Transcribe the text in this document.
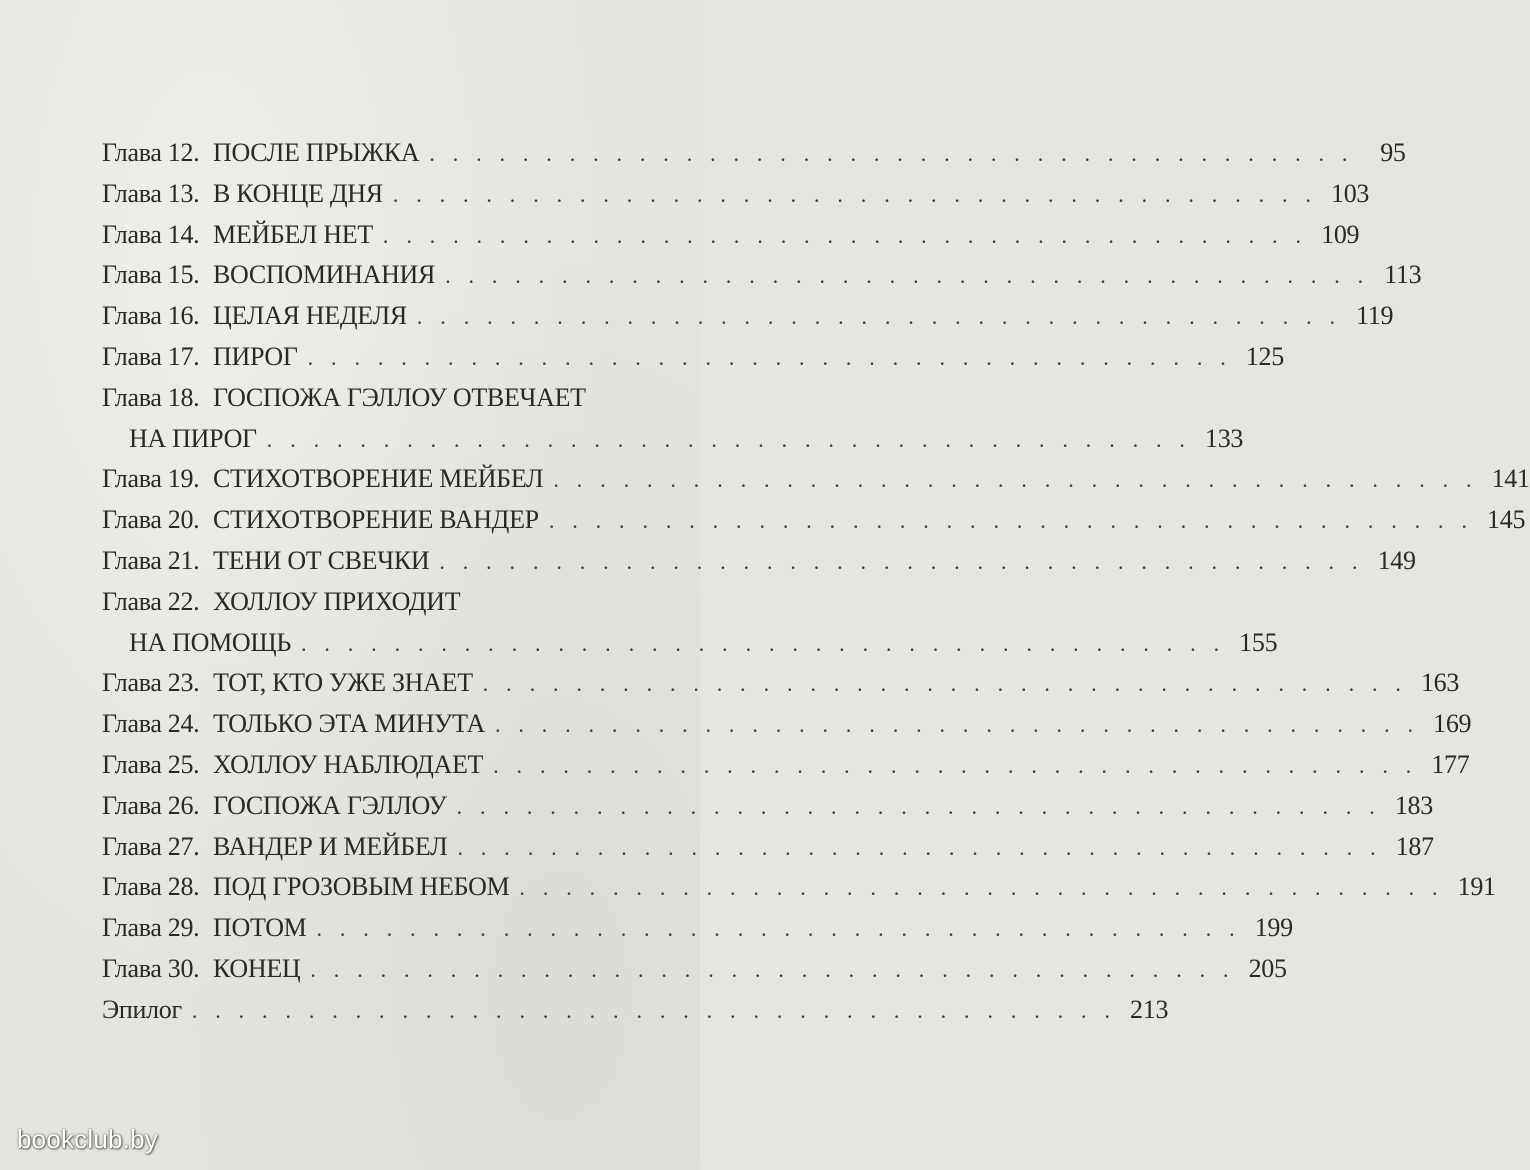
Глава 12. ПОСЛЕ ПРЫЖКА . . . . . . . . . . . . . . . . . . . . . . . . . . . . . . . . . . . . . . . .	95
Глава 13. В КОНЦЕ ДНЯ . . . . . . . . . . . . . . . . . . . . . . . . . . . . . . . . . . . . . . . . 103
Глава 14. МЕЙБЕЛ НЕТ . . . . . . . . . . . . . . . . . . . . . . . . . . . . . . . . . . . . . . . . 109
Глава 15. ВОСПОМИНАНИЯ . . . . . . . . . . . . . . . . . . . . . . . . . . . . . . . . . . . . . . . . 113
Глава 16. ЦЕЛАЯ НЕДЕЛЯ . . . . . . . . . . . . . . . . . . . . . . . . . . . . . . . . . . . . . . . . 119
Глава 17. ПИРОГ . . . . . . . . . . . . . . . . . . . . . . . . . . . . . . . . . . . . . . . . 125
Глава 18. ГОСПОЖА ГЭЛЛОУ ОТВЕЧАЕТ
НА ПИРОГ . . . . . . . . . . . . . . . . . . . . . . . . . . . . . . . . . . . . . . . . 133
Глава 19. СТИХОТВОРЕНИЕ МЕЙБЕЛ . . . . . . . . . . . . . . . . . . . . . . . . . . . . . . . . . . . . . . . . 141
Глава 20. СТИХОТВОРЕНИЕ ВАНДЕР . . . . . . . . . . . . . . . . . . . . . . . . . . . . . . . . . . . . . . . . 145
Глава 21. ТЕНИ ОТ СВЕЧКИ . . . . . . . . . . . . . . . . . . . . . . . . . . . . . . . . . . . . . . . . 149
Глава 22. ХОЛЛОУ ПРИХОДИТ
НА ПОМОЩЬ . . . . . . . . . . . . . . . . . . . . . . . . . . . . . . . . . . . . . . . . 155
Глава 23. ТОТ, КТО УЖЕ ЗНАЕТ . . . . . . . . . . . . . . . . . . . . . . . . . . . . . . . . . . . . . . . . 163
Глава 24. ТОЛЬКО ЭТА МИНУТА . . . . . . . . . . . . . . . . . . . . . . . . . . . . . . . . . . . . . . . . 169
Глава 25. ХОЛЛОУ НАБЛЮДАЕТ . . . . . . . . . . . . . . . . . . . . . . . . . . . . . . . . . . . . . . . . 177
Глава 26. ГОСПОЖА ГЭЛЛОУ . . . . . . . . . . . . . . . . . . . . . . . . . . . . . . . . . . . . . . . . 183
Глава 27. ВАНДЕР И МЕЙБЕЛ . . . . . . . . . . . . . . . . . . . . . . . . . . . . . . . . . . . . . . . . 187
Глава 28. ПОД ГРОЗОВЫМ НЕБОМ . . . . . . . . . . . . . . . . . . . . . . . . . . . . . . . . . . . . . . . . 191
Глава 29. ПОТОМ . . . . . . . . . . . . . . . . . . . . . . . . . . . . . . . . . . . . . . . . 199
Глава 30. КОНЕЦ . . . . . . . . . . . . . . . . . . . . . . . . . . . . . . . . . . . . . . . . 205
Эпилог . . . . . . . . . . . . . . . . . . . . . . . . . . . . . . . . . . . . . . . . 213
bookclub.by
